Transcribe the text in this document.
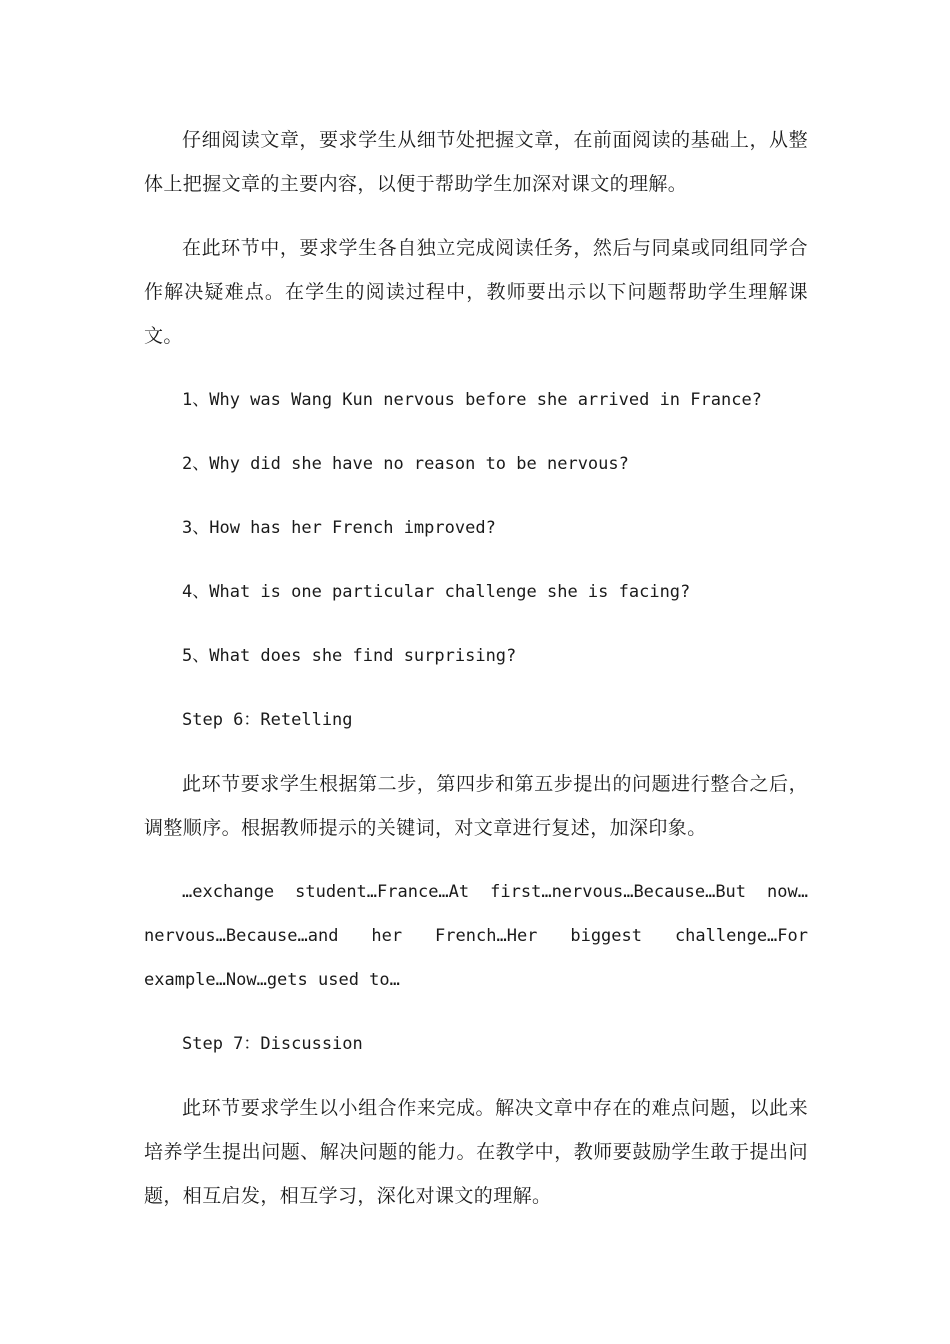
仔细阅读文章，要求学生从细节处把握文章，在前面阅读的基础上，从整体上把握文章的主要内容，以便于帮助学生加深对课文的理解。

在此环节中，要求学生各自独立完成阅读任务，然后与同桌或同组同学合作解决疑难点。在学生的阅读过程中，教师要出示以下问题帮助学生理解课文。

1、Why was Wang Kun nervous before she arrived in France?

2、Why did she have no reason to be nervous?

3、How has her French improved?

4、What is one particular challenge she is facing?

5、What does she find surprising?

Step 6：Retelling

此环节要求学生根据第二步，第四步和第五步提出的问题进行整合之后，调整顺序。根据教师提示的关键词，对文章进行复述，加深印象。

…exchange student…France…At first…nervous…Because…But now…nervous…Because…and her French…Her biggest challenge…For example…Now…gets used to…

Step 7：Discussion

此环节要求学生以小组合作来完成。解决文章中存在的难点问题，以此来培养学生提出问题、解决问题的能力。在教学中，教师要鼓励学生敢于提出问题，相互启发，相互学习，深化对课文的理解。
